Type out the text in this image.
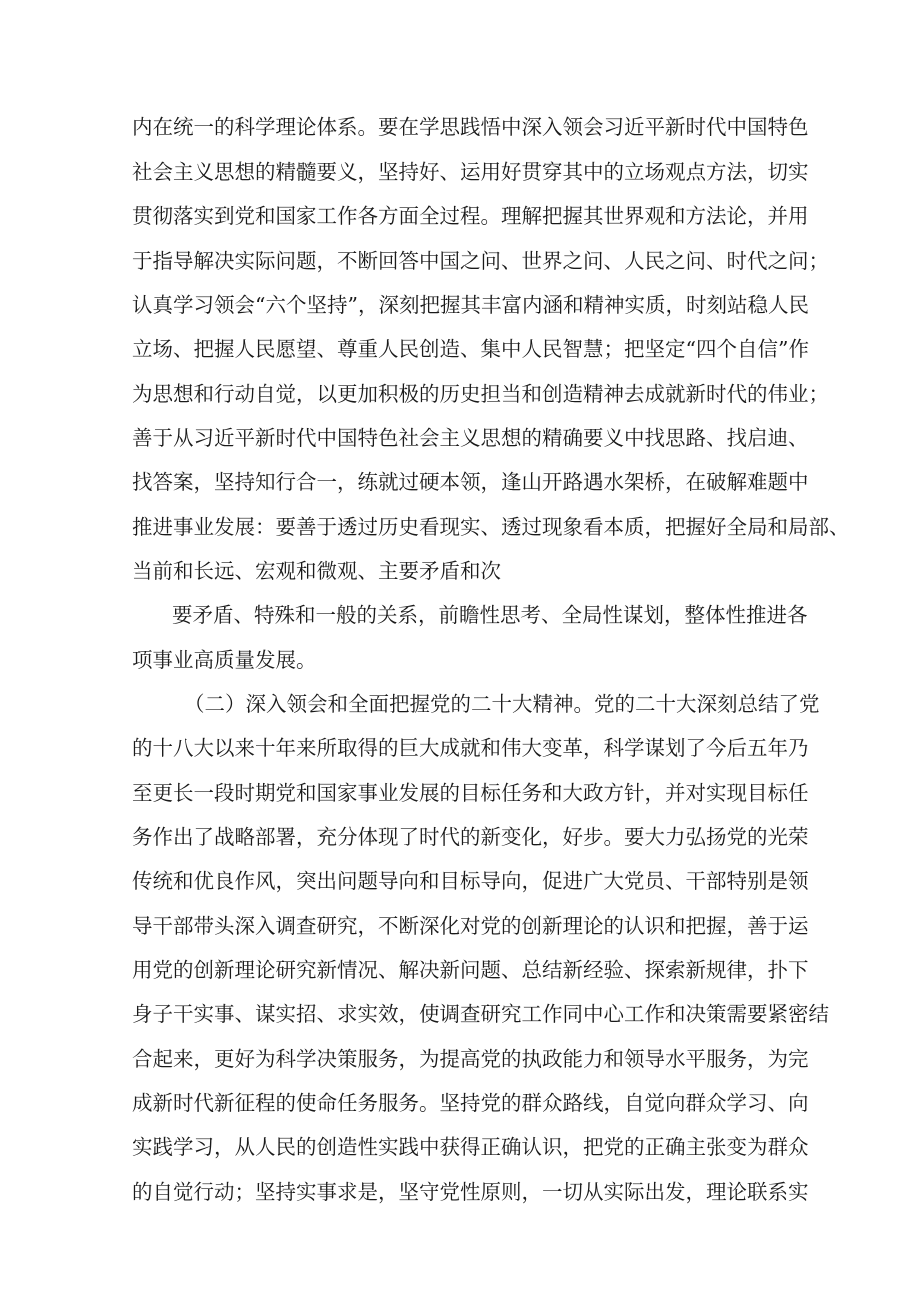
内在统一的科学理论体系。要在学思践悟中深入领会习近平新时代中国特色
社会主义思想的精髓要义，坚持好、运用好贯穿其中的立场观点方法，切实
贯彻落实到党和国家工作各方面全过程。理解把握其世界观和方法论，并用
于指导解决实际问题，不断回答中国之问、世界之问、人民之问、时代之问；
认真学习领会“六个坚持”，深刻把握其丰富内涵和精神实质，时刻站稳人民
立场、把握人民愿望、尊重人民创造、集中人民智慧；把坚定“四个自信”作
为思想和行动自觉，以更加积极的历史担当和创造精神去成就新时代的伟业；
善于从习近平新时代中国特色社会主义思想的精确要义中找思路、找启迪、
找答案，坚持知行合一，练就过硬本领，逢山开路遇水架桥，在破解难题中
推进事业发展：要善于透过历史看现实、透过现象看本质，把握好全局和局部、
当前和长远、宏观和微观、主要矛盾和次
要矛盾、特殊和一般的关系，前瞻性思考、全局性谋划，整体性推进各
项事业高质量发展。
（二）深入领会和全面把握党的二十大精神。党的二十大深刻总结了党
的十八大以来十年来所取得的巨大成就和伟大变革，科学谋划了今后五年乃
至更长一段时期党和国家事业发展的目标任务和大政方针，并对实现目标任
务作出了战略部署，充分体现了时代的新变化，好步。要大力弘扬党的光荣
传统和优良作风，突出问题导向和目标导向，促进广大党员、干部特别是领
导干部带头深入调查研究，不断深化对党的创新理论的认识和把握，善于运
用党的创新理论研究新情况、解决新问题、总结新经验、探索新规律，扑下
身子干实事、谋实招、求实效，使调查研究工作同中心工作和决策需要紧密结
合起来，更好为科学决策服务，为提高党的执政能力和领导水平服务，为完
成新时代新征程的使命任务服务。坚持党的群众路线，自觉向群众学习、向
实践学习，从人民的创造性实践中获得正确认识，把党的正确主张变为群众
的自觉行动；坚持实事求是，坚守党性原则，一切从实际出发，理论联系实
